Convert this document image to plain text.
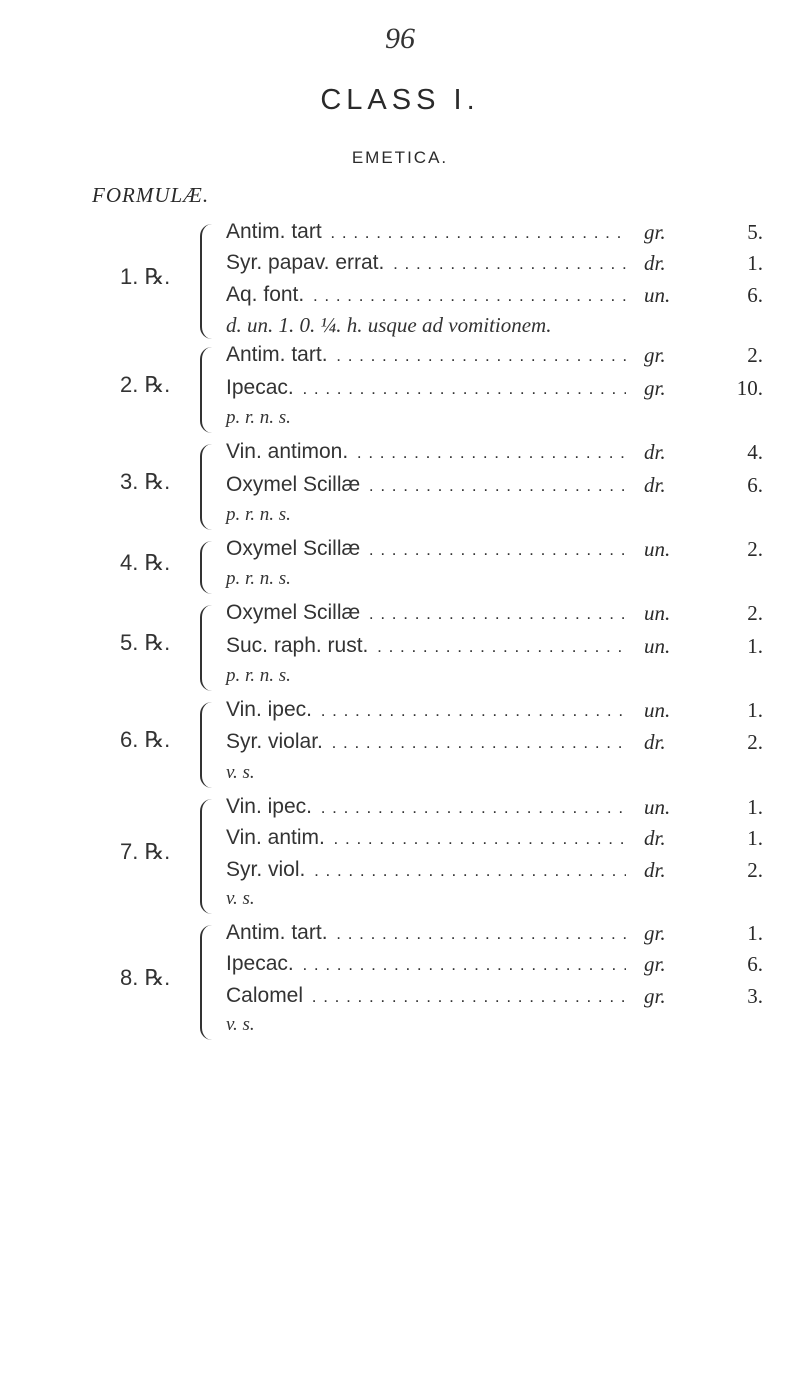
96
CLASS I.
EMETICA.
FORMULÆ.
1. ℞.
Antim. tart . . .	gr.	5.
Syr. papav. errat. . . .	dr.	1.
Aq. font. . . .	un.	6.
d. un. 1. 0. ¼. h. usque ad vomitionem.
2. ℞.
Antim. tart. . . .	gr.	2.
Ipecac. . . .	gr.	10.
p. r. n. s.
3. ℞.
Vin. antimon. . . .	dr.	4.
Oxymel Scillæ . . .	dr.	6.
p. r. n. s.
4. ℞.
Oxymel Scillæ . . .	un.	2.
p. r. n. s.
5. ℞.
Oxymel Scillæ . . .	un.	2.
Suc. raph. rust. . . .	un.	1.
p. r. n. s.
6. ℞.
Vin. ipec. . . .	un.	1.
Syr. violar. . . .	dr.	2.
v. s.
7. ℞.
Vin. ipec. . . .	un.	1.
Vin. antim. . . .	dr.	1.
Syr. viol. . . .	dr.	2.
v. s.
8. ℞.
Antim. tart. . . .	gr.	1.
Ipecac. . . .	gr.	6.
Calomel . . .	gr.	3.
v. s.
